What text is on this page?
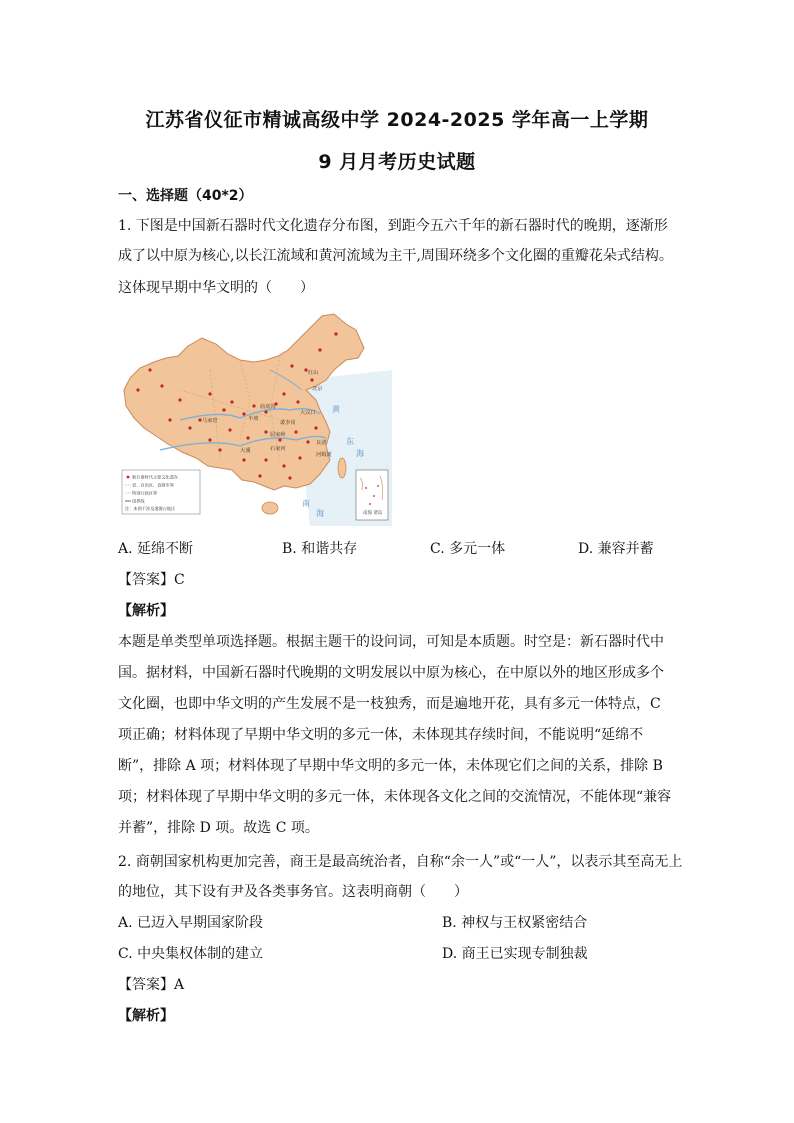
江苏省仪征市精诚高级中学 2024-2025 学年高一上学期
9 月月考历史试题
一、选择题（40*2）
1. 下图是中国新石器时代文化遗存分布图，到距今五六千年的新石器时代的晚期，逐渐形
成了以中原为核心,以长江流域和黄河流域为主干,周围环绕多个文化圈的重瓣花朵式结构。
这体现早期中华文明的（　　）
红山
北京
大汶口
马家窑	半坡
良渚
河姆渡
屈家岭
大溪	石家河
庙底沟
裴李岗
黄
东
海
南
海
新石器时代主要文化遗存
省、自治区、直辖市界
特别行政区界
国界线
注：本图不涉及港澳台地区
南海 诸岛
A. 延绵不断	B. 和谐共存	C. 多元一体	D. 兼容并蓄
【答案】C
【解析】
本题是单类型单项选择题。根据主题干的设问词，可知是本质题。时空是：新石器时代中
国。据材料，中国新石器时代晚期的文明发展以中原为核心，在中原以外的地区形成多个
文化圈，也即中华文明的产生发展不是一枝独秀，而是遍地开花，具有多元一体特点，C
项正确；材料体现了早期中华文明的多元一体，未体现其存续时间，不能说明“延绵不
断”，排除 A 项；材料体现了早期中华文明的多元一体，未体现它们之间的关系，排除 B
项；材料体现了早期中华文明的多元一体，未体现各文化之间的交流情况，不能体现“兼容
并蓄”，排除 D 项。故选 C 项。
2. 商朝国家机构更加完善，商王是最高统治者，自称“余一人”或“一人”，以表示其至高无上
的地位，其下设有尹及各类事务官。这表明商朝（　　）
A. 已迈入早期国家阶段	B. 神权与王权紧密结合
C. 中央集权体制的建立	D. 商王已实现专制独裁
【答案】A
【解析】
